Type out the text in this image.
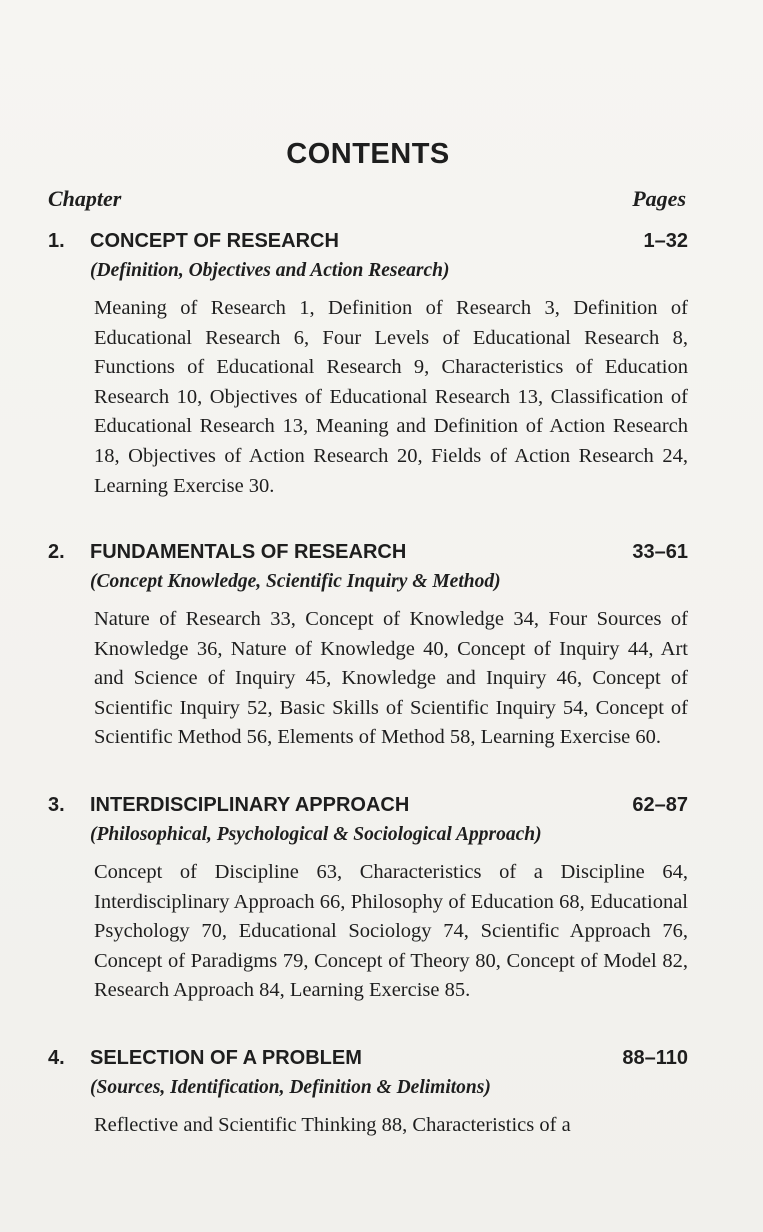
CONTENTS
Chapter	Pages
1. CONCEPT OF RESEARCH	1–32
(Definition, Objectives and Action Research)
Meaning of Research 1, Definition of Research 3, Definition of Educational Research 6, Four Levels of Educational Research 8, Functions of Educational Research 9, Characteristics of Education Research 10, Objectives of Educational Research 13, Classification of Educational Research 13, Meaning and Definition of Action Research 18, Objectives of Action Research 20, Fields of Action Research 24, Learning Exercise 30.
2. FUNDAMENTALS OF RESEARCH	33–61
(Concept Knowledge, Scientific Inquiry & Method)
Nature of Research 33, Concept of Knowledge 34, Four Sources of Knowledge 36, Nature of Knowledge 40, Concept of Inquiry 44, Art and Science of Inquiry 45, Knowledge and Inquiry 46, Concept of Scientific Inquiry 52, Basic Skills of Scientific Inquiry 54, Concept of Scientific Method 56, Elements of Method 58, Learning Exercise 60.
3. INTERDISCIPLINARY APPROACH	62–87
(Philosophical, Psychological & Sociological Approach)
Concept of Discipline 63, Characteristics of a Discipline 64, Interdisciplinary Approach 66, Philosophy of Education 68, Educational Psychology 70, Educational Sociology 74, Scientific Approach 76, Concept of Paradigms 79, Concept of Theory 80, Concept of Model 82, Research Approach 84, Learning Exercise 85.
4. SELECTION OF A PROBLEM	88–110
(Sources, Identification, Definition & Delimitons)
Reflective and Scientific Thinking 88, Characteristics of a
